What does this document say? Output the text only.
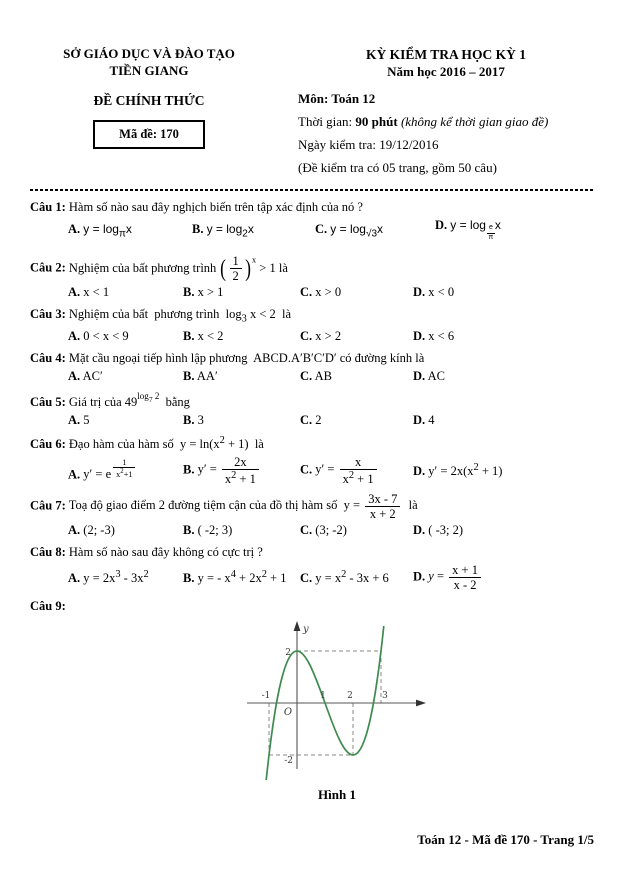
SỞ GIÁO DỤC VÀ ĐÀO TẠO
TIỀN GIANG
ĐỀ CHÍNH THỨC
Mã đề: 170
KỲ KIỂM TRA HỌC KỲ 1
Năm học 2016 – 2017
Môn: Toán 12
Thời gian: 90 phút (không kể thời gian giao đề)
Ngày kiểm tra: 19/12/2016
(Đề kiểm tra có 05 trang, gồm 50 câu)
Câu 1: Hàm số nào sau đây nghịch biến trên tập xác định của nó ?
A. $y = \log_\pi x$	B. $y = \log_2x$	C. $y = \log_{√3}x$	D. $y = \log \frac{e}{\pi}$ x
Câu 2: Nghiệm của bất phương trình ( $\frac{1}{2} )^x > 1$ là
A. x < 1	B. x > 1	C. x > 0	D. x < 0
Câu 3: Nghiệm của bất  phương trình  $\log_3 x < 2$  là
A. 0 < x < 9	B. x < 2	C. x > 2	D. x < 6
Câu 4: Mặt cầu ngoại tiếp hình lập phương  ABCD.A′B′C′D′ có đường kính là
A. AC′	B. AA′	C. AB	D. AC
Câu 5: Giá trị của $49^{log_7 2}$  bằng
A. 5	B. 3	C. 2	D. 4
Câu 6: Đạo hàm của hàm số  $y = \ln(x^2 + 1)$  là
A. y′ = e $\frac{1}{x^2+1}$	B. $y' = \frac{2x}{x^2 + 1}$	C. $y' = \frac{x}{x^2 + 1}$	D. $y' = 2x(x^2 + 1)$
Câu 7: Toạ độ giao điểm 2 đường tiệm cận của đồ thị hàm số  $y = \frac{3x - 7}{x + 2}$ là
A. (2; -3)	B. ( -2; 3)	C. (3; -2)	D. ( -3; 2)
Câu 8: Hàm số nào sau đây không có cực trị ?
A. $y = 2x^3 - 3x^2$	B. y = - $x^4 + 2x^2 + 1$	C. $y = x^2 - 3x + 6$	D. $y = \frac{x + 1}{x - 2}$
Câu 9:
y
O
-1	1 2	3
2
-2
Hình 1
Toán 12 - Mã đề 170 - Trang 1/5
